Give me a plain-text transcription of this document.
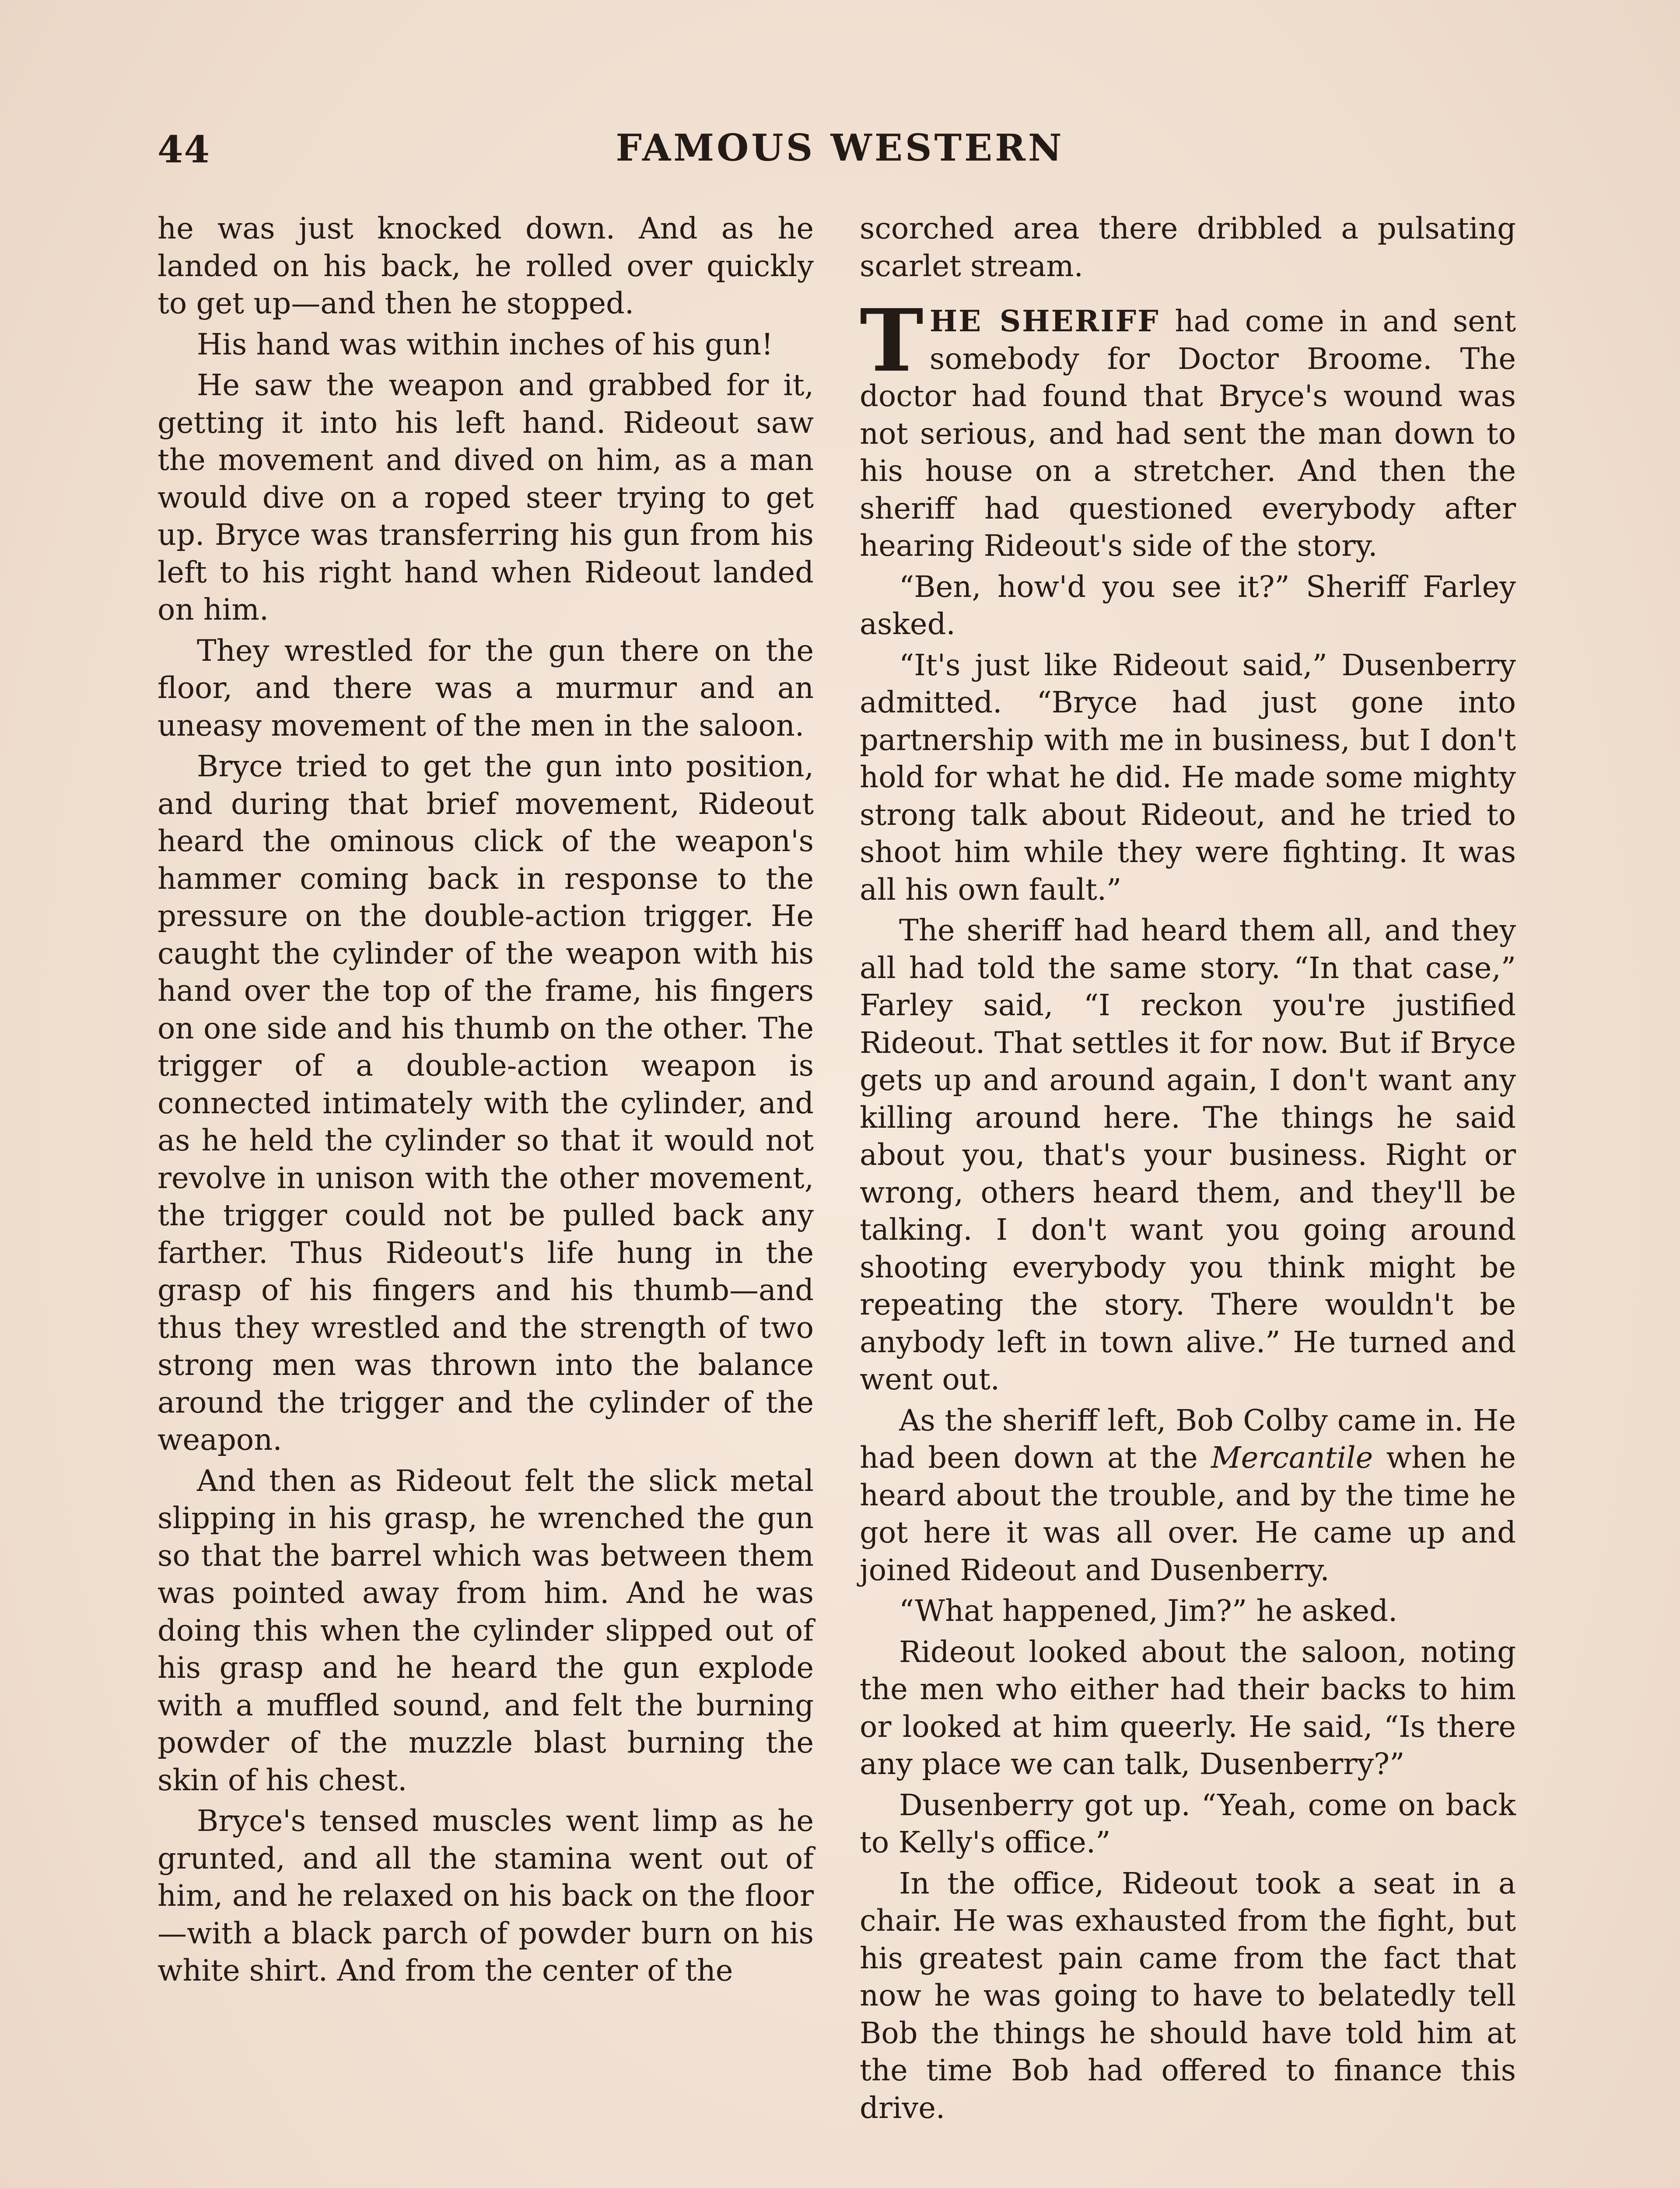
44	FAMOUS WESTERN

he was just knocked down. And as he landed on his back, he rolled over quickly to get up—and then he stopped.

His hand was within inches of his gun!

He saw the weapon and grabbed for it, getting it into his left hand. Rideout saw the movement and dived on him, as a man would dive on a roped steer trying to get up. Bryce was transferring his gun from his left to his right hand when Rideout landed on him.

They wrestled for the gun there on the floor, and there was a murmur and an uneasy movement of the men in the saloon.

Bryce tried to get the gun into position, and during that brief movement, Rideout heard the ominous click of the weapon's hammer coming back in response to the pressure on the double-action trigger. He caught the cylinder of the weapon with his hand over the top of the frame, his fingers on one side and his thumb on the other. The trigger of a double-action weapon is connected intimately with the cylinder, and as he held the cylinder so that it would not revolve in unison with the other movement, the trigger could not be pulled back any farther. Thus Rideout's life hung in the grasp of his fingers and his thumb—and thus they wrestled and the strength of two strong men was thrown into the balance around the trigger and the cylinder of the weapon.

And then as Rideout felt the slick metal slipping in his grasp, he wrenched the gun so that the barrel which was between them was pointed away from him. And he was doing this when the cylinder slipped out of his grasp and he heard the gun explode with a muffled sound, and felt the burning powder of the muzzle blast burning the skin of his chest.

Bryce's tensed muscles went limp as he grunted, and all the stamina went out of him, and he relaxed on his back on the floor—with a black parch of powder burn on his white shirt. And from the center of the

scorched area there dribbled a pulsating scarlet stream.

THE SHERIFF had come in and sent somebody for Doctor Broome. The doctor had found that Bryce's wound was not serious, and had sent the man down to his house on a stretcher. And then the sheriff had questioned everybody after hearing Rideout's side of the story.

“Ben, how'd you see it?” Sheriff Farley asked.

“It's just like Rideout said,” Dusenberry admitted. “Bryce had just gone into partnership with me in business, but I don't hold for what he did. He made some mighty strong talk about Rideout, and he tried to shoot him while they were fighting. It was all his own fault.”

The sheriff had heard them all, and they all had told the same story. “In that case,” Farley said, “I reckon you're justified Rideout. That settles it for now. But if Bryce gets up and around again, I don't want any killing around here. The things he said about you, that's your business. Right or wrong, others heard them, and they'll be talking. I don't want you going around shooting everybody you think might be repeating the story. There wouldn't be anybody left in town alive.” He turned and went out.

As the sheriff left, Bob Colby came in. He had been down at the Mercantile when he heard about the trouble, and by the time he got here it was all over. He came up and joined Rideout and Dusenberry.

“What happened, Jim?” he asked.

Rideout looked about the saloon, noting the men who either had their backs to him or looked at him queerly. He said, “Is there any place we can talk, Dusenberry?”

Dusenberry got up. “Yeah, come on back to Kelly's office.”

In the office, Rideout took a seat in a chair. He was exhausted from the fight, but his greatest pain came from the fact that now he was going to have to belatedly tell Bob the things he should have told him at the time Bob had offered to finance this drive.
